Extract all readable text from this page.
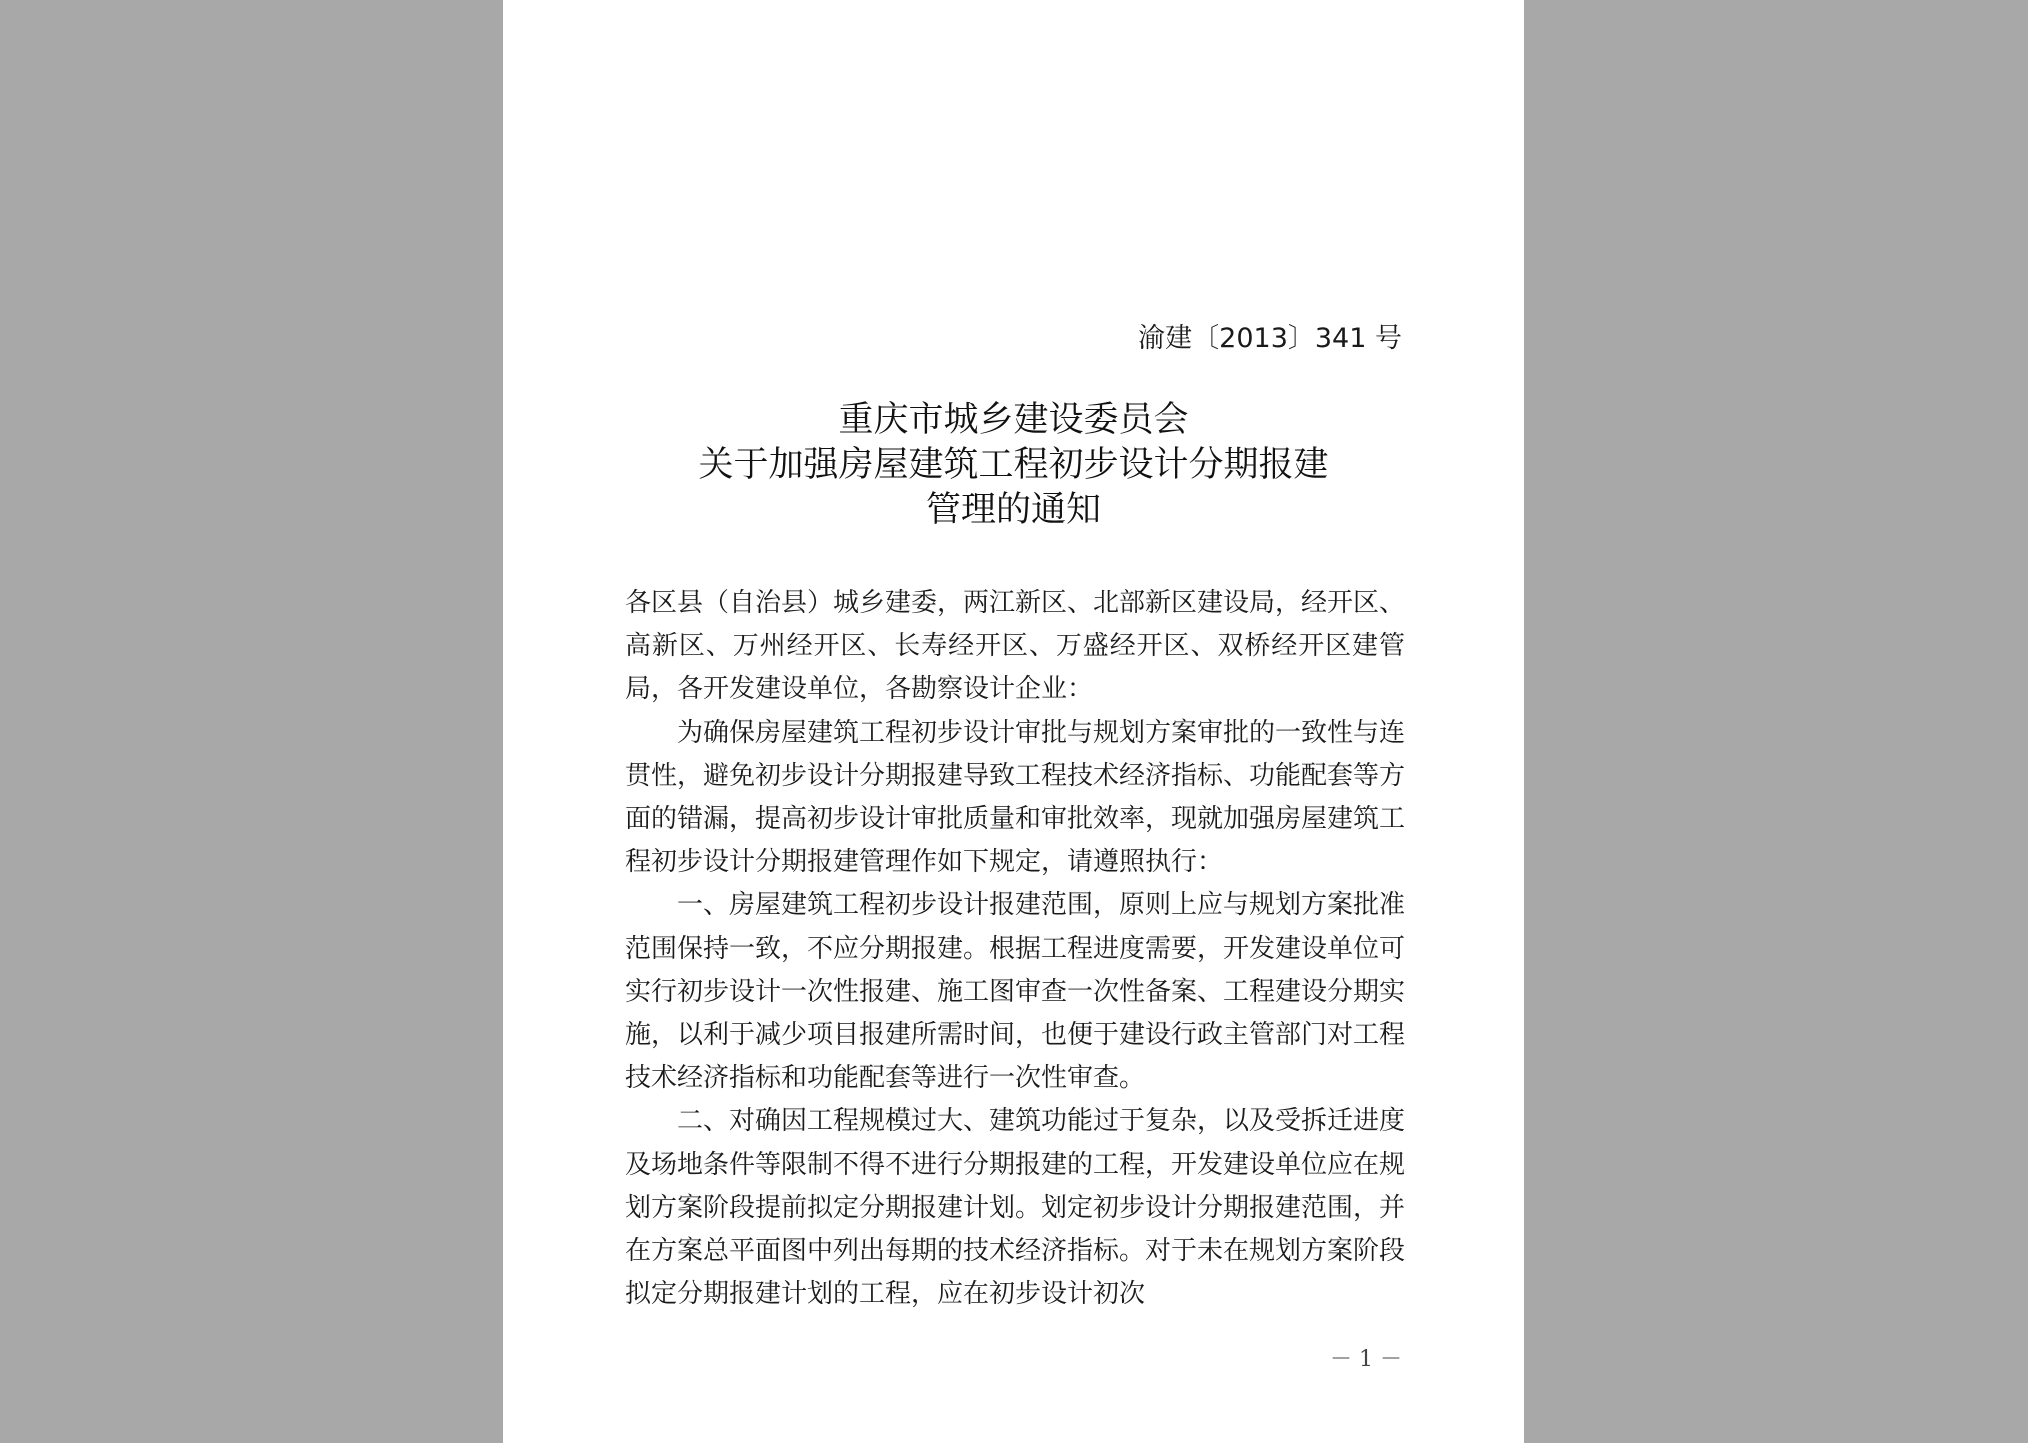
渝建〔2013〕341 号
重庆市城乡建设委员会
关于加强房屋建筑工程初步设计分期报建
管理的通知

各区县（自治县）城乡建委，两江新区、北部新区建设局，经开区、高新区、万州经开区、长寿经开区、万盛经开区、双桥经开区建管局，各开发建设单位，各勘察设计企业：

为确保房屋建筑工程初步设计审批与规划方案审批的一致性与连贯性，避免初步设计分期报建导致工程技术经济指标、功能配套等方面的错漏，提高初步设计审批质量和审批效率，现就加强房屋建筑工程初步设计分期报建管理作如下规定，请遵照执行：

一、房屋建筑工程初步设计报建范围，原则上应与规划方案批准范围保持一致，不应分期报建。根据工程进度需要，开发建设单位可实行初步设计一次性报建、施工图审查一次性备案、工程建设分期实施，以利于减少项目报建所需时间，也便于建设行政主管部门对工程技术经济指标和功能配套等进行一次性审查。

二、对确因工程规模过大、建筑功能过于复杂，以及受拆迁进度及场地条件等限制不得不进行分期报建的工程，开发建设单位应在规划方案阶段提前拟定分期报建计划。划定初步设计分期报建范围，并在方案总平面图中列出每期的技术经济指标。对于未在规划方案阶段拟定分期报建计划的工程，应在初步设计初次

－ 1 －
